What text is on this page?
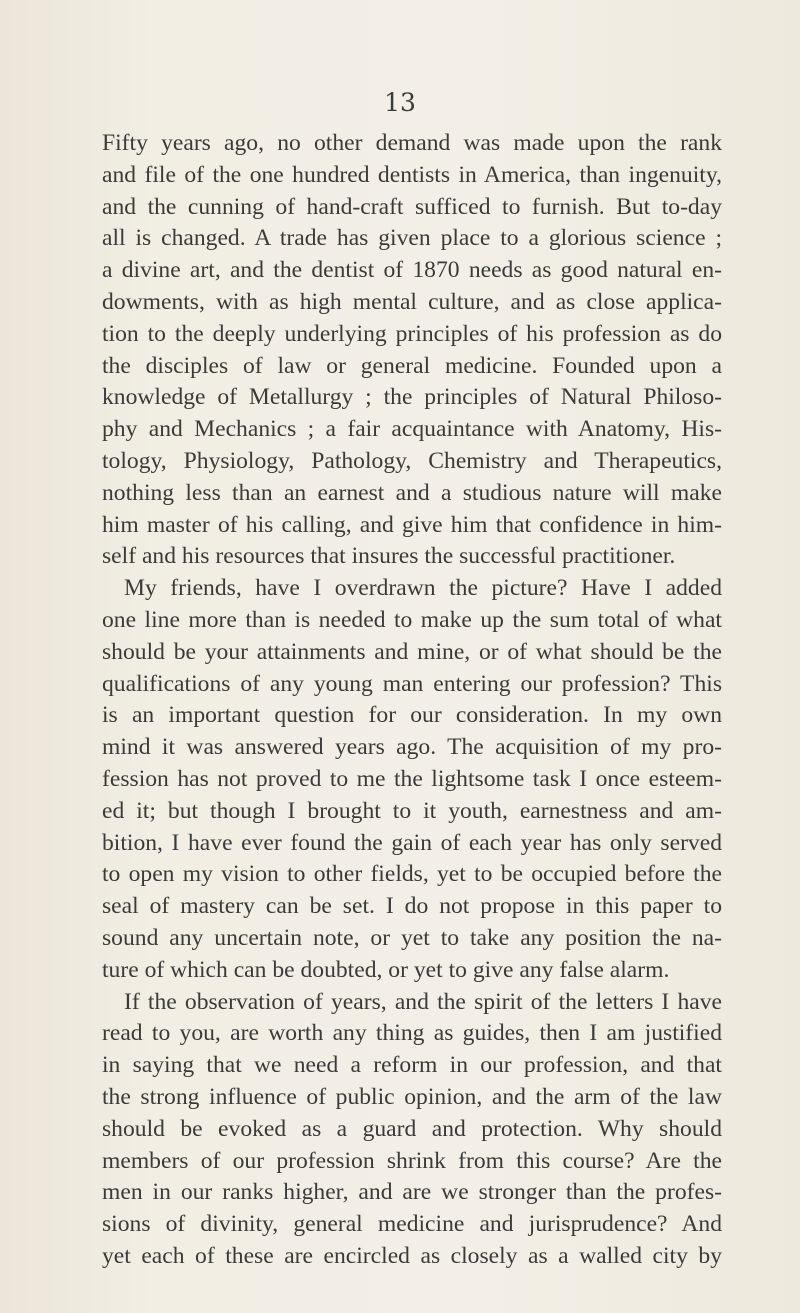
13
Fifty years ago, no other demand was made upon the rank
and file of the one hundred dentists in America, than ingenuity,
and the cunning of hand-craft sufficed to furnish. But to-day
all is changed. A trade has given place to a glorious science ;
a divine art, and the dentist of 1870 needs as good natural en-
dowments, with as high mental culture, and as close applica-
tion to the deeply underlying principles of his profession as do
the disciples of law or general medicine. Founded upon a
knowledge of Metallurgy ; the principles of Natural Philoso-
phy and Mechanics ; a fair acquaintance with Anatomy, His-
tology, Physiology, Pathology, Chemistry and Therapeutics,
nothing less than an earnest and a studious nature will make
him master of his calling, and give him that confidence in him-
self and his resources that insures the successful practitioner.
My friends, have I overdrawn the picture? Have I added
one line more than is needed to make up the sum total of what
should be your attainments and mine, or of what should be the
qualifications of any young man entering our profession? This
is an important question for our consideration. In my own
mind it was answered years ago. The acquisition of my pro-
fession has not proved to me the lightsome task I once esteem-
ed it; but though I brought to it youth, earnestness and am-
bition, I have ever found the gain of each year has only served
to open my vision to other fields, yet to be occupied before the
seal of mastery can be set. I do not propose in this paper to
sound any uncertain note, or yet to take any position the na-
ture of which can be doubted, or yet to give any false alarm.
If the observation of years, and the spirit of the letters I have
read to you, are worth any thing as guides, then I am justified
in saying that we need a reform in our profession, and that
the strong influence of public opinion, and the arm of the law
should be evoked as a guard and protection. Why should
members of our profession shrink from this course? Are the
men in our ranks higher, and are we stronger than the profes-
sions of divinity, general medicine and jurisprudence? And
yet each of these are encircled as closely as a walled city by
